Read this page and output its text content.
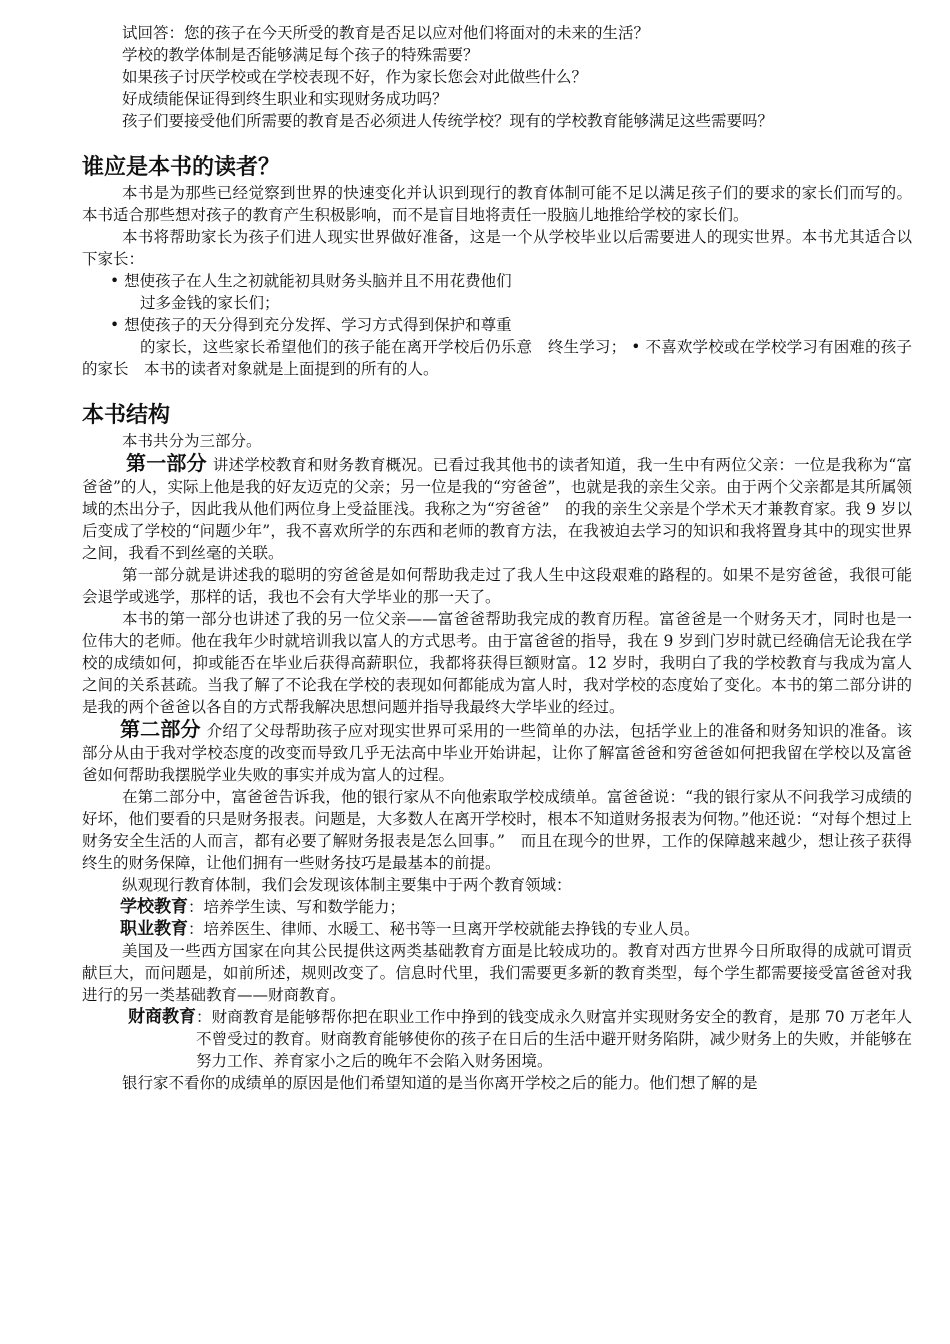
试回答：您的孩子在今天所受的教育是否足以应对他们将面对的未来的生活？

学校的教学体制是否能够满足每个孩子的特殊需要？

如果孩子讨厌学校或在学校表现不好，作为家长您会对此做些什么？

好成绩能保证得到终生职业和实现财务成功吗？

孩子们要接受他们所需要的教育是否必须进人传统学校？现有的学校教育能够满足这些需要吗？

谁应是本书的读者？

本书是为那些已经觉察到世界的快速变化并认识到现行的教育体制可能不足以满足孩子们的要求的家长们而写的。本书适合那些想对孩子的教育产生积极影响，而不是盲目地将责任一股脑儿地推给学校的家长们。

本书将帮助家长为孩子们进人现实世界做好准备，这是一个从学校毕业以后需要进人的现实世界。本书尤其适合以下家长：

• 想使孩子在人生之初就能初具财务头脑并且不用花费他们

过多金钱的家长们；

• 想使孩子的天分得到充分发挥、学习方式得到保护和尊重

的家长，这些家长希望他们的孩子能在离开学校后仍乐意　终生学习； • 不喜欢学校或在学校学习有困难的孩子的家长　本书的读者对象就是上面提到的所有的人。

本书结构

本书共分为三部分。

第一部分 讲述学校教育和财务教育概况。已看过我其他书的读者知道，我一生中有两位父亲：一位是我称为“富爸爸”的人，实际上他是我的好友迈克的父亲；另一位是我的“穷爸爸”，也就是我的亲生父亲。由于两个父亲都是其所属领域的杰出分子，因此我从他们两位身上受益匪浅。我称之为“穷爸爸”　的我的亲生父亲是个学术天才兼教育家。我 9 岁以后变成了学校的“问题少年”，我不喜欢所学的东西和老师的教育方法，在我被迫去学习的知识和我将置身其中的现实世界之间，我看不到丝毫的关联。

第一部分就是讲述我的聪明的穷爸爸是如何帮助我走过了我人生中这段艰难的路程的。如果不是穷爸爸，我很可能会退学或逃学，那样的话，我也不会有大学毕业的那一天了。

本书的第一部分也讲述了我的另一位父亲——富爸爸帮助我完成的教育历程。富爸爸是一个财务天才，同时也是一位伟大的老师。他在我年少时就培训我以富人的方式思考。由于富爸爸的指导，我在 9 岁到门岁时就已经确信无论我在学校的成绩如何，抑或能否在毕业后获得高薪职位，我都将获得巨额财富。12 岁时，我明白了我的学校教育与我成为富人之间的关系甚疏。当我了解了不论我在学校的表现如何都能成为富人时，我对学校的态度始了变化。本书的第二部分讲的是我的两个爸爸以各自的方式帮我解决思想问题并指导我最终大学毕业的经过。

第二部分 介绍了父母帮助孩子应对现实世界可采用的一些简单的办法，包括学业上的准备和财务知识的准备。该部分从由于我对学校态度的改变而导致几乎无法高中毕业开始讲起，让你了解富爸爸和穷爸爸如何把我留在学校以及富爸爸如何帮助我摆脱学业失败的事实并成为富人的过程。

在第二部分中，富爸爸告诉我，他的银行家从不向他索取学校成绩单。富爸爸说：“我的银行家从不问我学习成绩的好坏，他们要看的只是财务报表。问题是，大多数人在离开学校时，根本不知道财务报表为何物。”他还说：“对每个想过上财务安全生活的人而言，都有必要了解财务报表是怎么回事。”　而且在现今的世界，工作的保障越来越少，想让孩子获得终生的财务保障，让他们拥有一些财务技巧是最基本的前提。

纵观现行教育体制，我们会发现该体制主要集中于两个教育领域：

学校教育：培养学生读、写和数学能力；

职业教育：培养医生、律师、水暖工、秘书等一旦离开学校就能去挣钱的专业人员。

美国及一些西方国家在向其公民提供这两类基础教育方面是比较成功的。教育对西方世界今日所取得的成就可谓贡献巨大，而问题是，如前所述，规则改变了。信息时代里，我们需要更多新的教育类型，每个学生都需要接受富爸爸对我进行的另一类基础教育——财商教育。

财商教育 ：财商教育是能够帮你把在职业工作中挣到的钱变成永久财富并实现财务安全的教育，是那 70 万老年人不曾受过的教育。财商教育能够使你的孩子在日后的生活中避开财务陷阱，减少财务上的失败，并能够在努力工作、养育家小之后的晚年不会陷入财务困境。

银行家不看你的成绩单的原因是他们希望知道的是当你离开学校之后的能力。他们想了解的是
